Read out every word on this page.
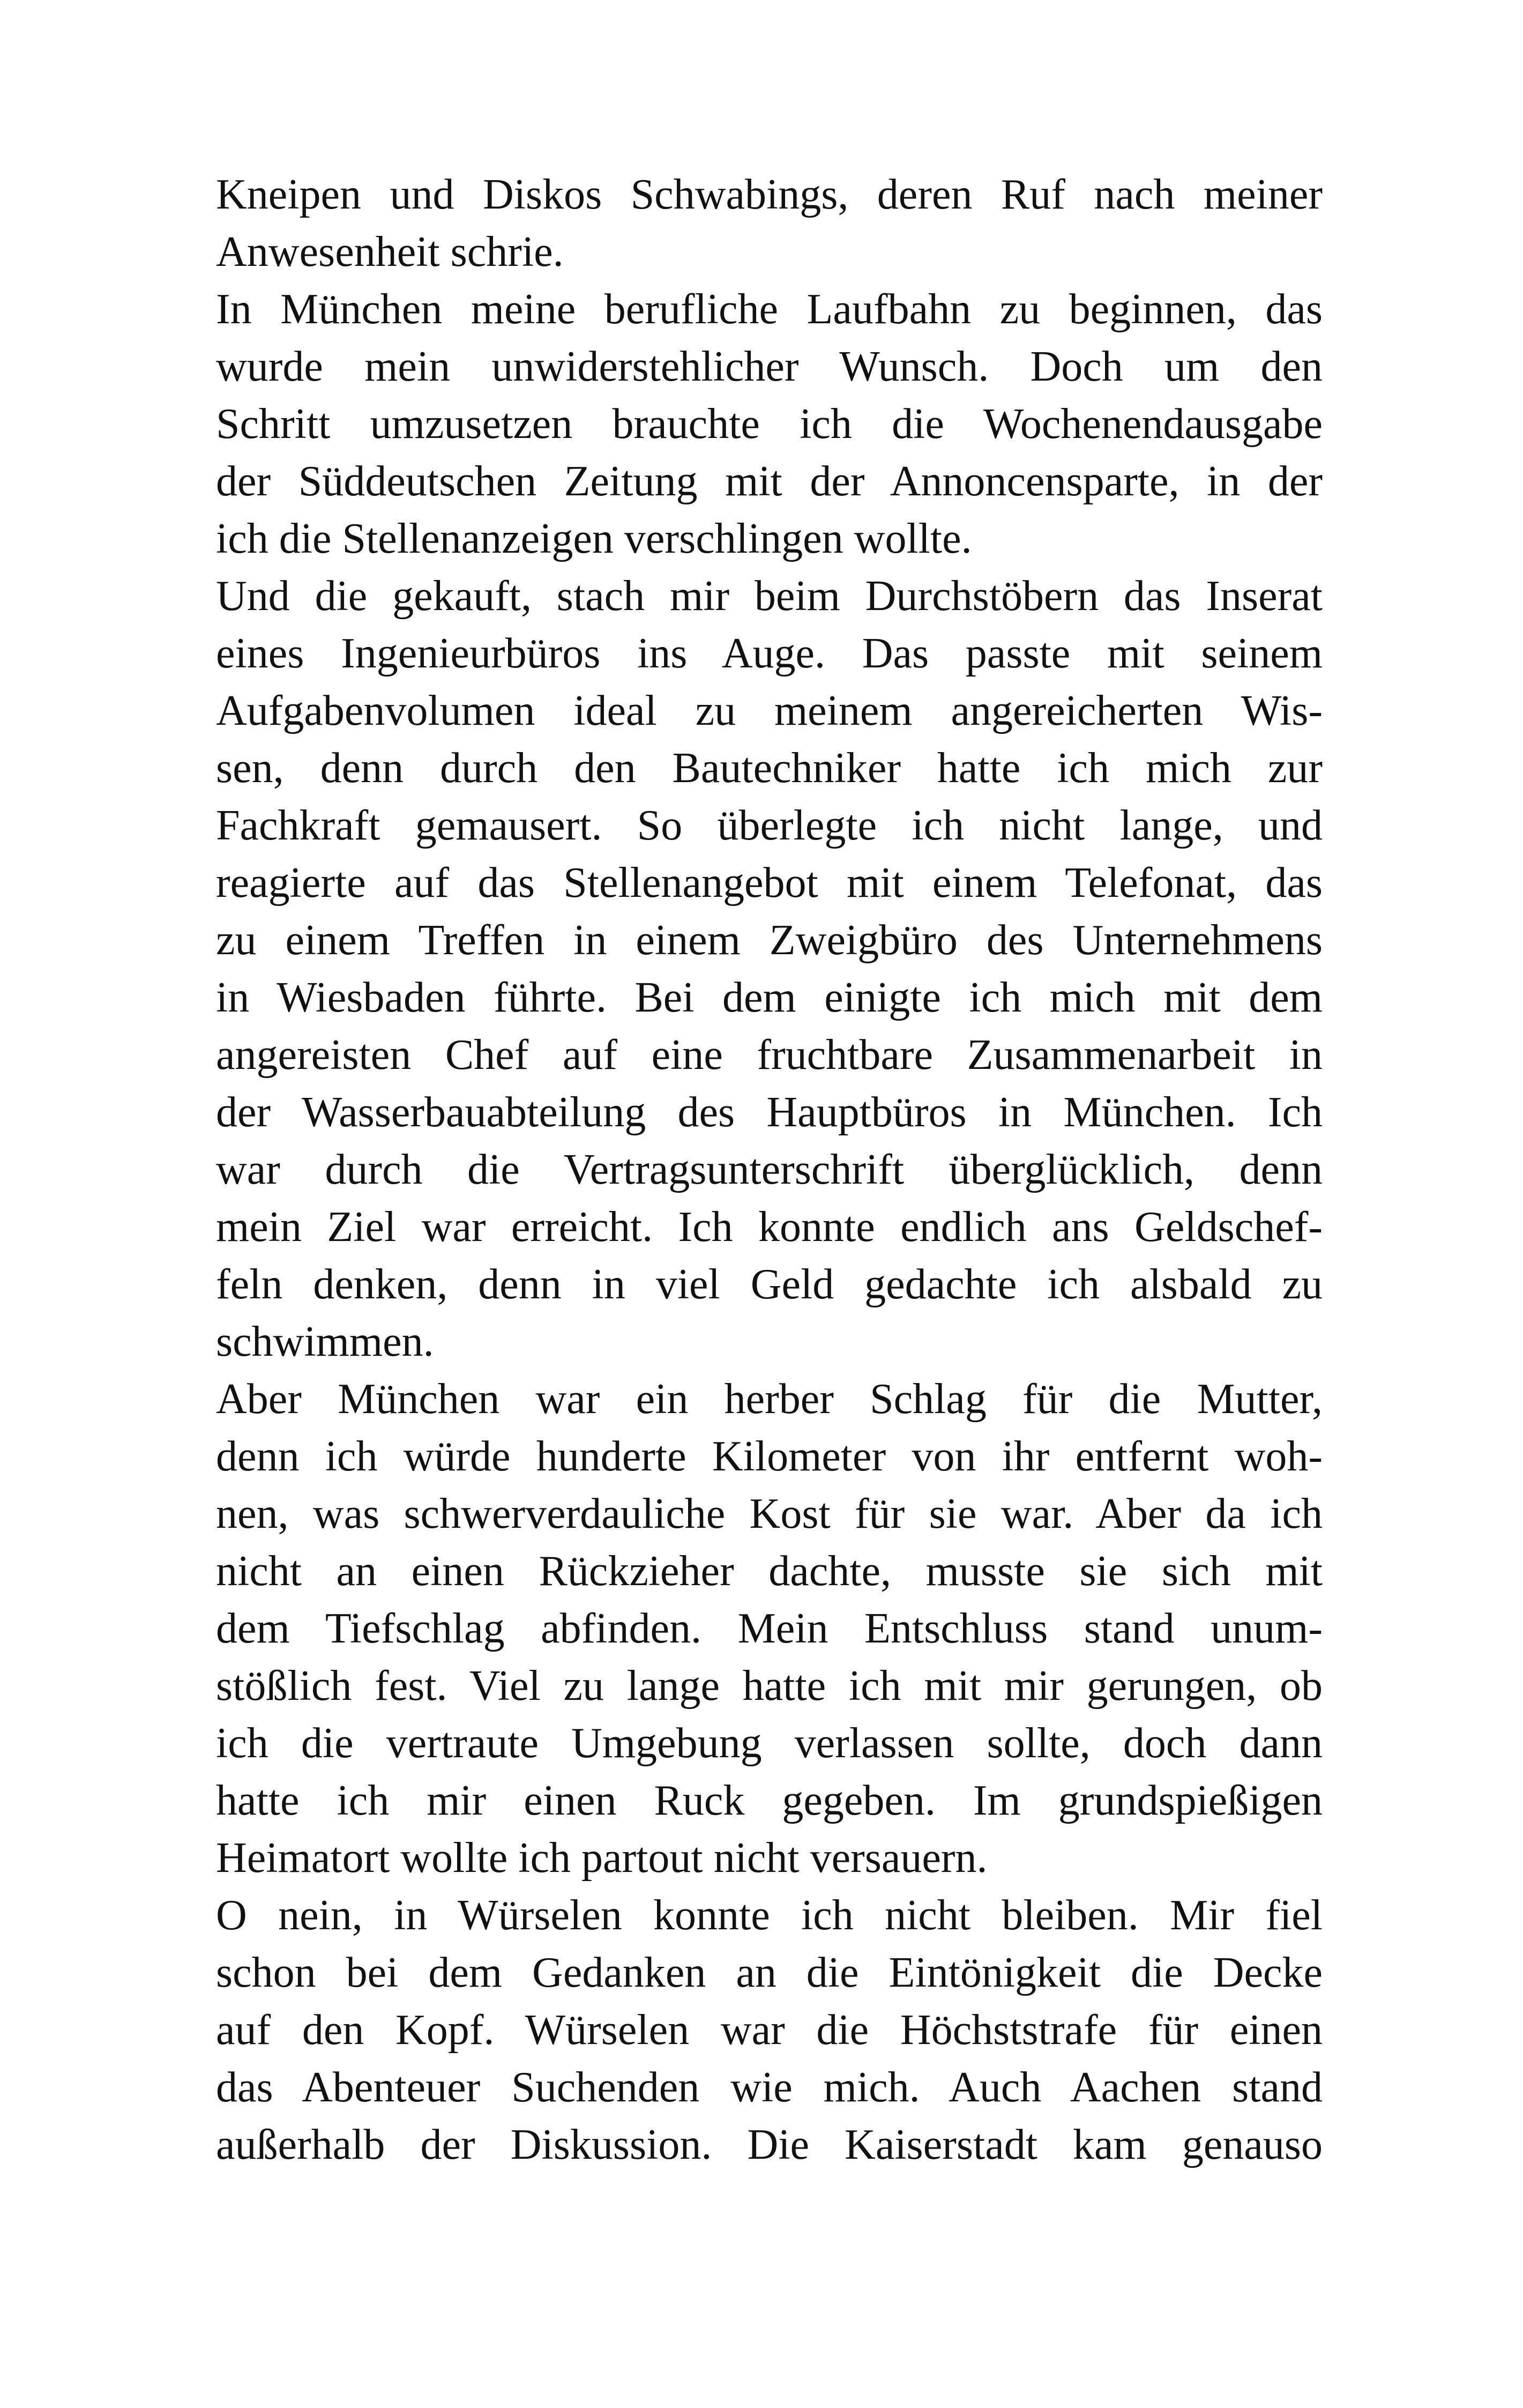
Kneipen und Diskos Schwabings, deren Ruf nach meiner
Anwesenheit schrie.
In München meine berufliche Laufbahn zu beginnen, das
wurde mein unwiderstehlicher Wunsch. Doch um den
Schritt umzusetzen brauchte ich die Wochenendausgabe
der Süddeutschen Zeitung mit der Annoncensparte, in der
ich die Stellenanzeigen verschlingen wollte.
Und die gekauft, stach mir beim Durchstöbern das Inserat
eines Ingenieurbüros ins Auge. Das passte mit seinem
Aufgabenvolumen ideal zu meinem angereicherten Wis-
sen, denn durch den Bautechniker hatte ich mich zur
Fachkraft gemausert. So überlegte ich nicht lange, und
reagierte auf das Stellenangebot mit einem Telefonat, das
zu einem Treffen in einem Zweigbüro des Unternehmens
in Wiesbaden führte. Bei dem einigte ich mich mit dem
angereisten Chef auf eine fruchtbare Zusammenarbeit in
der Wasserbauabteilung des Hauptbüros in München. Ich
war durch die Vertragsunterschrift überglücklich, denn
mein Ziel war erreicht. Ich konnte endlich ans Geldschef-
feln denken, denn in viel Geld gedachte ich alsbald zu
schwimmen.
Aber München war ein herber Schlag für die Mutter,
denn ich würde hunderte Kilometer von ihr entfernt woh-
nen, was schwerverdauliche Kost für sie war. Aber da ich
nicht an einen Rückzieher dachte, musste sie sich mit
dem Tiefschlag abfinden. Mein Entschluss stand unum-
stößlich fest. Viel zu lange hatte ich mit mir gerungen, ob
ich die vertraute Umgebung verlassen sollte, doch dann
hatte ich mir einen Ruck gegeben. Im grundspießigen
Heimatort wollte ich partout nicht versauern.
O nein, in Würselen konnte ich nicht bleiben. Mir fiel
schon bei dem Gedanken an die Eintönigkeit die Decke
auf den Kopf. Würselen war die Höchststrafe für einen
das Abenteuer Suchenden wie mich. Auch Aachen stand
außerhalb der Diskussion. Die Kaiserstadt kam genauso
